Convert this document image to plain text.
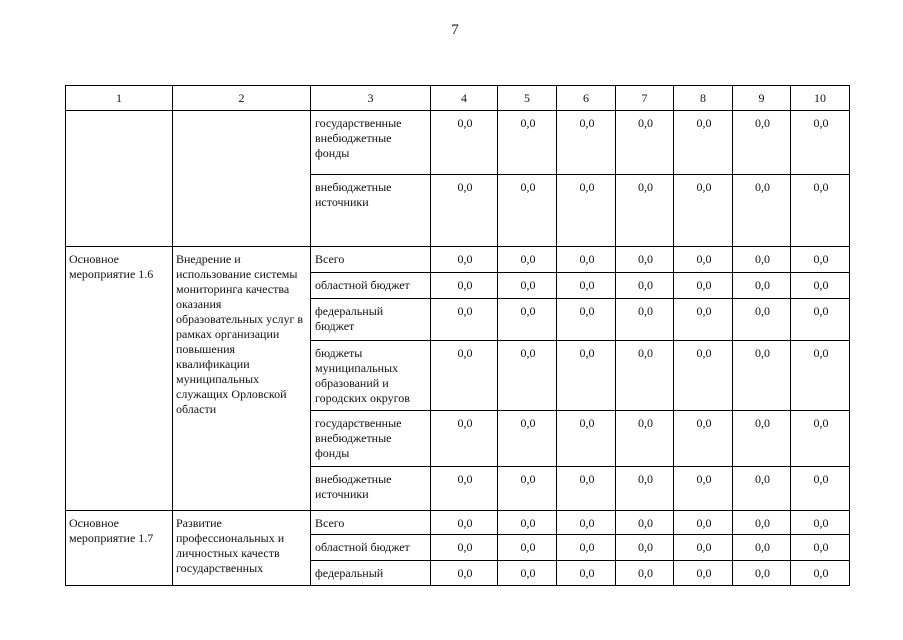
7
1	2	3	4	5	6	7	8	9	10
		государственные внебюджетные фонды	0,0	0,0	0,0	0,0	0,0	0,0	0,0
		внебюджетные источники	0,0	0,0	0,0	0,0	0,0	0,0	0,0
Основное мероприятие 1.6	Внедрение и использование системы мониторинга качества оказания образовательных услуг в рамках организации повышения квалификации муниципальных служащих Орловской области	Всего	0,0	0,0	0,0	0,0	0,0	0,0	0,0
		областной бюджет	0,0	0,0	0,0	0,0	0,0	0,0	0,0
		федеральный бюджет	0,0	0,0	0,0	0,0	0,0	0,0	0,0
		бюджеты муниципальных образований и городских округов	0,0	0,0	0,0	0,0	0,0	0,0	0,0
		государственные внебюджетные фонды	0,0	0,0	0,0	0,0	0,0	0,0	0,0
		внебюджетные источники	0,0	0,0	0,0	0,0	0,0	0,0	0,0
Основное мероприятие 1.7	Развитие профессиональных и личностных качеств государственных	Всего	0,0	0,0	0,0	0,0	0,0	0,0	0,0
		областной бюджет	0,0	0,0	0,0	0,0	0,0	0,0	0,0
		федеральный	0,0	0,0	0,0	0,0	0,0	0,0	0,0
